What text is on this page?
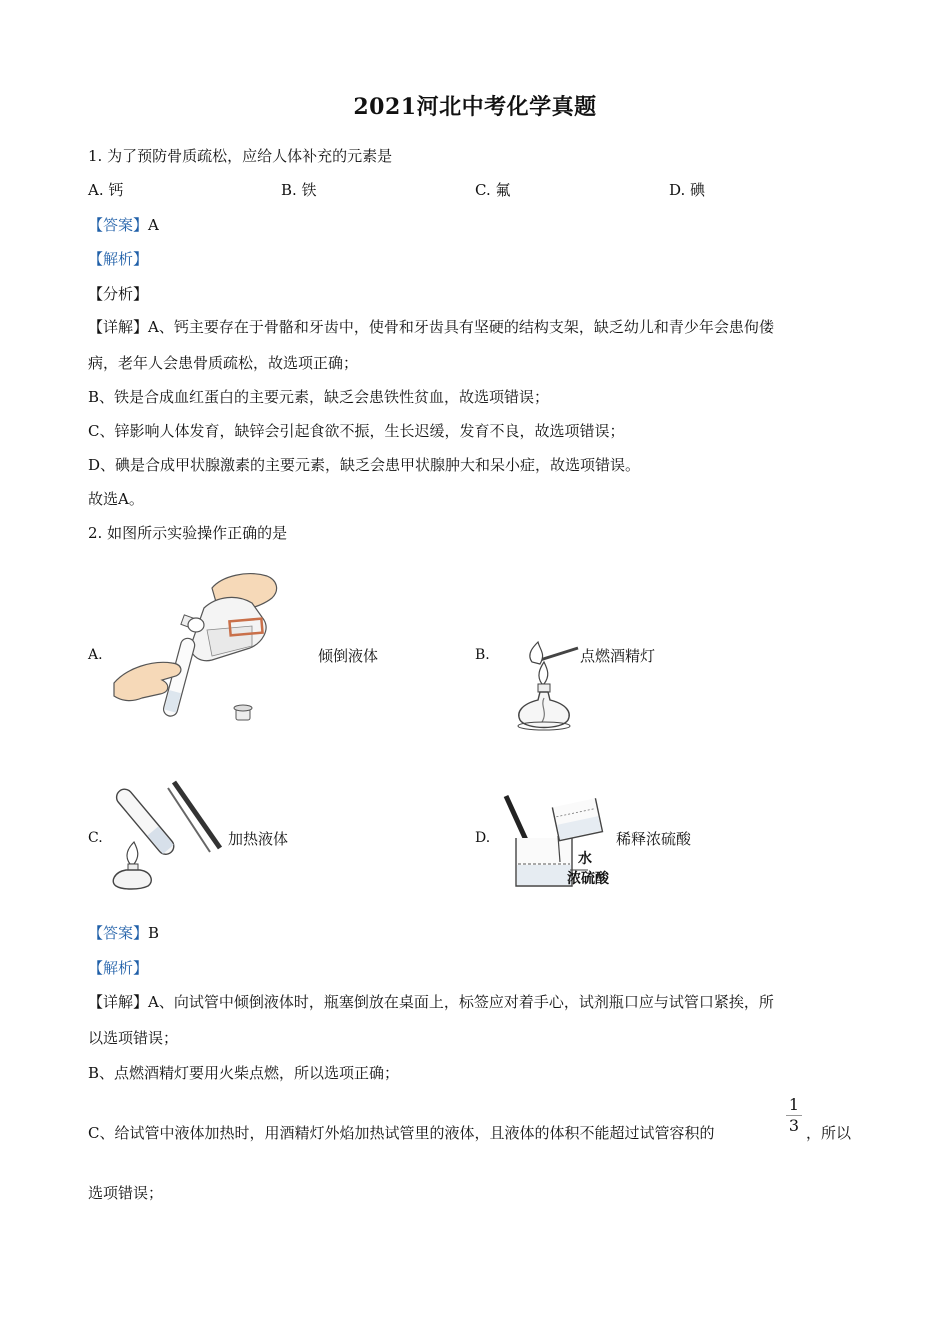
2021河北中考化学真题
1. 为了预防骨质疏松，应给人体补充的元素是
A. 钙	B. 铁	C. 氟	D. 碘
【答案】A
【解析】
【分析】
【详解】A、钙主要存在于骨骼和牙齿中，使骨和牙齿具有坚硬的结构支架，缺乏幼儿和青少年会患佝偻
病，老年人会患骨质疏松，故选项正确；
B、铁是合成血红蛋白的主要元素，缺乏会患铁性贫血，故选项错误；
C、锌影响人体发育，缺锌会引起食欲不振，生长迟缓，发育不良，故选项错误；
D、碘是合成甲状腺激素的主要元素，缺乏会患甲状腺肿大和呆小症，故选项错误。
故选A。
2. 如图所示实验操作正确的是
A.	倾倒液体	B.	点燃酒精灯
C.	加热液体	D.
水
浓硫酸
稀释浓硫酸
【答案】B
【解析】
【详解】A、向试管中倾倒液体时，瓶塞倒放在桌面上，标签应对着手心，试剂瓶口应与试管口紧挨，所
以选项错误；
B、点燃酒精灯要用火柴点燃，所以选项正确；
C、给试管中液体加热时，用酒精灯外焰加热试管里的液体，且液体的体积不能超过试管容积的
1
3 ，所以
选项错误；
